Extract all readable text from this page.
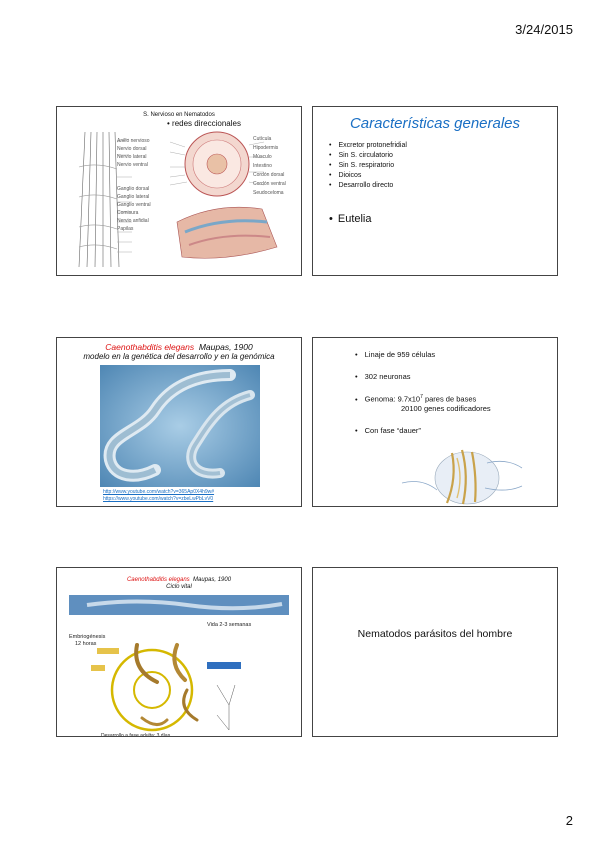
3/24/2015
S. Nervioso en Nematodos
• redes direccionales
Anillo nervioso
Nervio dorsal
Nervio lateral
Nervio ventral
Ganglio dorsal
Ganglio lateral
Ganglio ventral
Comisura
Nervio anfidial
Papilas
Cutícula
Hipodermis
Músculo
Intestino
Cordón dorsal
Cordón ventral
Seudoceloma
Características generales
• Excretor protonefridial
• Sin S. circulatorio
• Sin S. respiratorio
• Dioicos
• Desarrollo directo
• Eutelia
Caenothabditis elegans Maupas, 1900
modelo en la genética del desarrollo y en la genómica
http://www.youtube.com/watch?v=365Ap0X4h9w#
https://www.youtube.com/watch?v=zbeLwPbLvV0
• Linaje de 959 células
• 302 neuronas
• Genoma: $9.7x10^7$ pares de bases
20100 genes codificadores
• Con fase “dauer”
Caenothabditis elegans Maupas, 1900
Ciclo vital
Embriogénesis
12 horas
Vida 2-3 semanas
Desarrollo a fase adulta: 3 días
Nematodos parásitos del hombre
2
